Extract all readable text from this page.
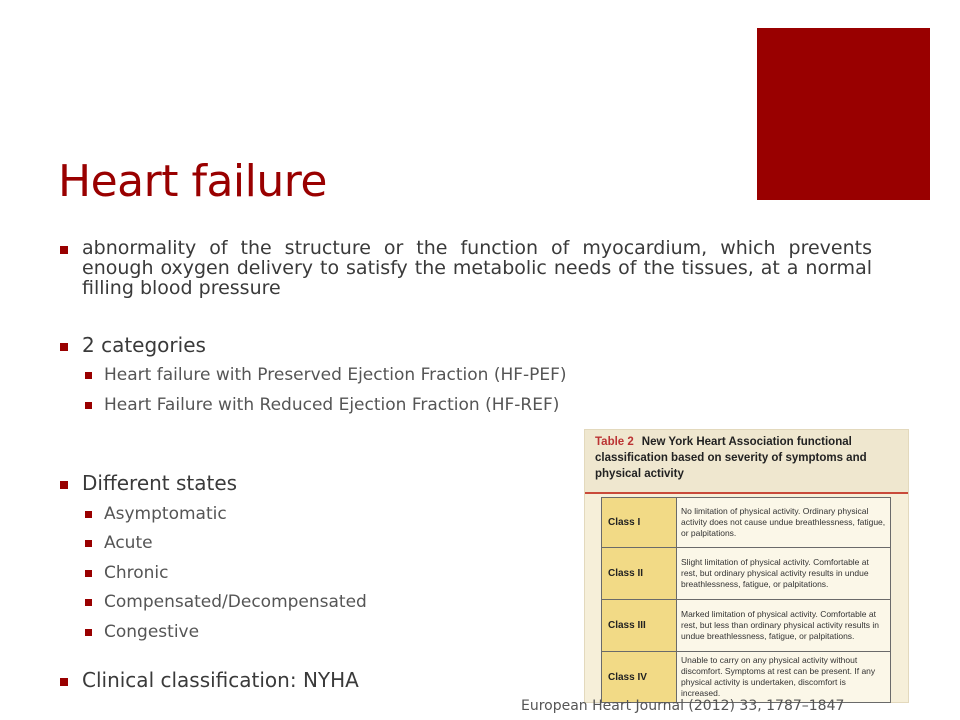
Heart failure
abnormality of the structure or the function of myocardium, which prevents enough oxygen delivery to satisfy the metabolic needs of the tissues, at a normal filling blood pressure
2 categories
Heart failure with Preserved Ejection Fraction (HF-PEF)
Heart Failure with Reduced Ejection Fraction (HF-REF)
Different states
Asymptomatic
Acute
Chronic
Compensated/Decompensated
Congestive
Clinical classification: NYHA
Table 2 New York Heart Association functional classification based on severity of symptoms and physical activity
Class I	No limitation of physical activity. Ordinary physical activity does not cause undue breathlessness, fatigue, or palpitations.
Class II	Slight limitation of physical activity. Comfortable at rest, but ordinary physical activity results in undue breathlessness, fatigue, or palpitations.
Class III	Marked limitation of physical activity. Comfortable at rest, but less than ordinary physical activity results in undue breathlessness, fatigue, or palpitations.
Class IV	Unable to carry on any physical activity without discomfort. Symptoms at rest can be present. If any physical activity is undertaken, discomfort is increased.
European Heart Journal (2012) 33, 1787–1847
